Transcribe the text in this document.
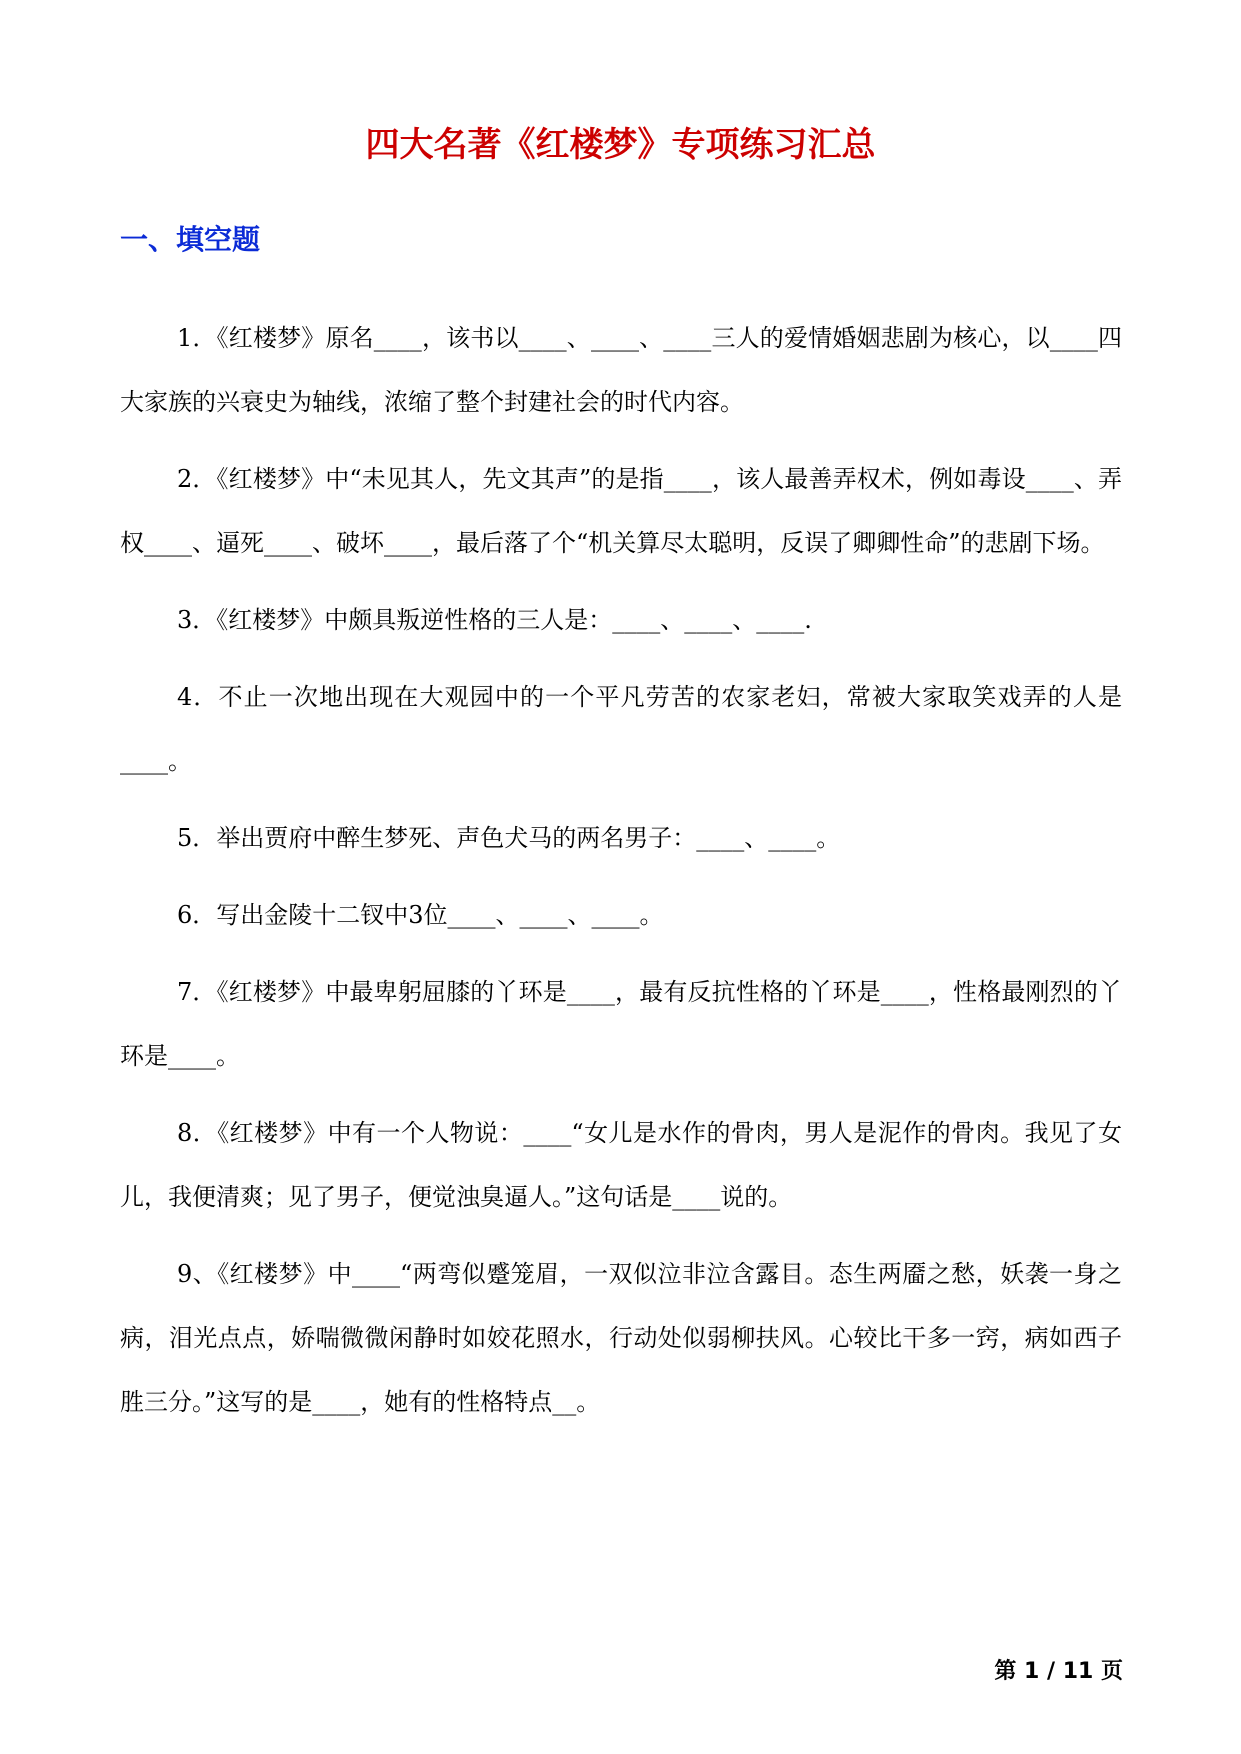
四大名著《红楼梦》专项练习汇总
一、填空题
1．《红楼梦》原名____，该书以____、____、____三人的爱情婚姻悲剧为核心，以____四大家族的兴衰史为轴线，浓缩了整个封建社会的时代内容。
2．《红楼梦》中“未见其人，先文其声”的是指____，该人最善弄权术，例如毒设____、弄权____、逼死____、破坏____，最后落了个“机关算尽太聪明，反误了卿卿性命”的悲剧下场。
3．《红楼梦》中颇具叛逆性格的三人是：____、____、____.
4．不止一次地出现在大观园中的一个平凡劳苦的农家老妇，常被大家取笑戏弄的人是____。
5．举出贾府中醉生梦死、声色犬马的两名男子：____、____。
6．写出金陵十二钗中3位____、____、____。
7．《红楼梦》中最卑躬屈膝的丫环是____，最有反抗性格的丫环是____，性格最刚烈的丫环是____。
8．《红楼梦》中有一个人物说：____“女儿是水作的骨肉，男人是泥作的骨肉。我见了女儿，我便清爽；见了男子，便觉浊臭逼人。”这句话是____说的。
9、《红楼梦》中____“两弯似蹙笼眉，一双似泣非泣含露目。态生两靥之愁，妖袭一身之病，泪光点点，娇喘微微闲静时如姣花照水，行动处似弱柳扶风。心较比干多一窍，病如西子胜三分。”这写的是____，她有的性格特点__。
第 1 / 11 页
